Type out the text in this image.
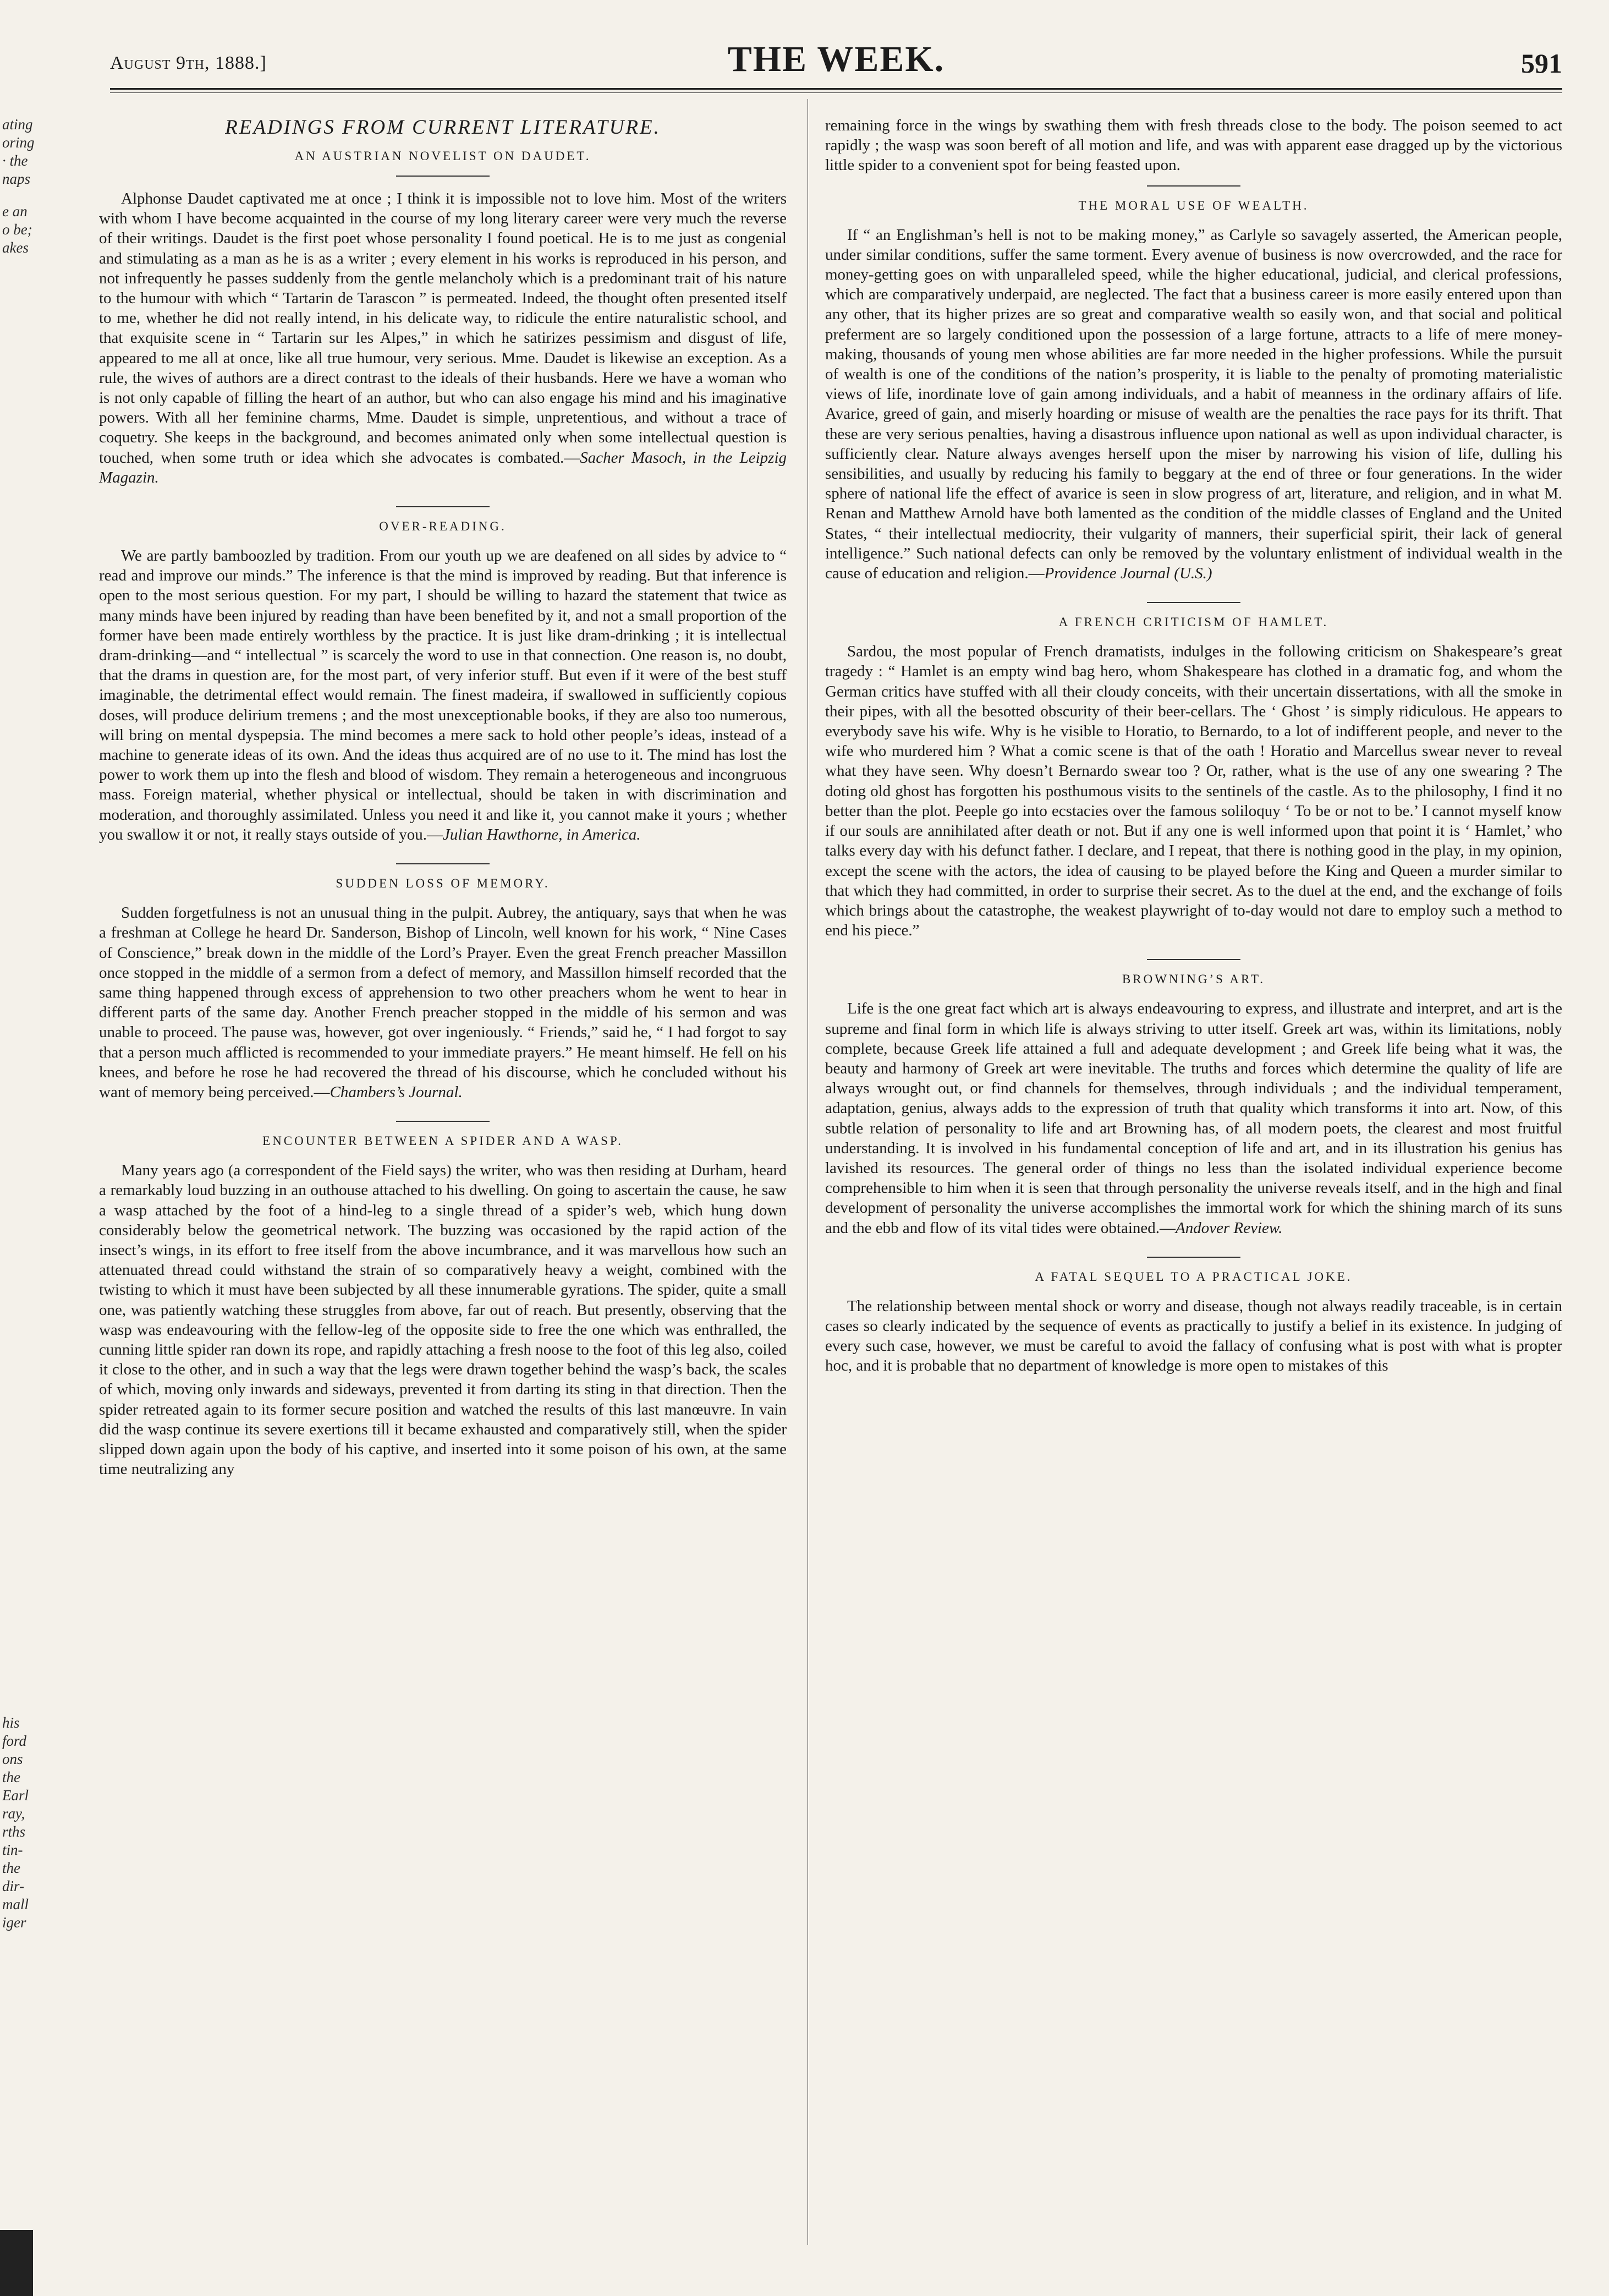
ating
oring
· the
naps
e an
o be;
akes
his
ford
ons
the
Earl
ray,
rths
tin-
the
dir-
mall
iger
August 9th, 1888.]	THE WEEK.	591
READINGS FROM CURRENT LITERATURE.
AN AUSTRIAN NOVELIST ON DAUDET.

Alphonse Daudet captivated me at once ; I think it is impossible not to love him. Most of the writers with whom I have become acquainted in the course of my long literary career were very much the reverse of their writings. Daudet is the first poet whose personality I found poetical. He is to me just as congenial and stimulating as a man as he is as a writer ; every element in his works is reproduced in his person, and not infrequently he passes suddenly from the gentle melancholy which is a predominant trait of his nature to the humour with which “ Tartarin de Tarascon ” is permeated. Indeed, the thought often presented itself to me, whether he did not really intend, in his delicate way, to ridicule the entire naturalistic school, and that exquisite scene in “ Tartarin sur les Alpes,” in which he satirizes pessimism and disgust of life, appeared to me all at once, like all true humour, very serious. Mme. Daudet is likewise an exception. As a rule, the wives of authors are a direct contrast to the ideals of their husbands. Here we have a woman who is not only capable of filling the heart of an author, but who can also engage his mind and his imaginative powers. With all her feminine charms, Mme. Daudet is simple, unpretentious, and without a trace of coquetry. She keeps in the background, and becomes animated only when some intellectual question is touched, when some truth or idea which she advocates is combated.—Sacher Masoch, in the Leipzig Magazin.

OVER-READING.

We are partly bamboozled by tradition. From our youth up we are deafened on all sides by advice to “ read and improve our minds.” The inference is that the mind is improved by reading. But that inference is open to the most serious question. For my part, I should be willing to hazard the statement that twice as many minds have been injured by reading than have been benefited by it, and not a small proportion of the former have been made entirely worthless by the practice. It is just like dram-drinking ; it is intellectual dram-drinking—and “ intellectual ” is scarcely the word to use in that connection. One reason is, no doubt, that the drams in question are, for the most part, of very inferior stuff. But even if it were of the best stuff imaginable, the detrimental effect would remain. The finest madeira, if swallowed in sufficiently copious doses, will produce delirium tremens ; and the most unexceptionable books, if they are also too numerous, will bring on mental dyspepsia. The mind becomes a mere sack to hold other people’s ideas, instead of a machine to generate ideas of its own. And the ideas thus acquired are of no use to it. The mind has lost the power to work them up into the flesh and blood of wisdom. They remain a heterogeneous and incongruous mass. Foreign material, whether physical or intellectual, should be taken in with discrimination and moderation, and thoroughly assimilated. Unless you need it and like it, you cannot make it yours ; whether you swallow it or not, it really stays outside of you.—Julian Hawthorne, in America.

SUDDEN LOSS OF MEMORY.

Sudden forgetfulness is not an unusual thing in the pulpit. Aubrey, the antiquary, says that when he was a freshman at College he heard Dr. Sanderson, Bishop of Lincoln, well known for his work, “ Nine Cases of Conscience,” break down in the middle of the Lord’s Prayer. Even the great French preacher Massillon once stopped in the middle of a sermon from a defect of memory, and Massillon himself recorded that the same thing happened through excess of apprehension to two other preachers whom he went to hear in different parts of the same day. Another French preacher stopped in the middle of his sermon and was unable to proceed. The pause was, however, got over ingeniously. “ Friends,” said he, “ I had forgot to say that a person much afflicted is recommended to your immediate prayers.” He meant himself. He fell on his knees, and before he rose he had recovered the thread of his discourse, which he concluded without his want of memory being perceived.—Chambers’s Journal.

ENCOUNTER BETWEEN A SPIDER AND A WASP.

Many years ago (a correspondent of the Field says) the writer, who was then residing at Durham, heard a remarkably loud buzzing in an outhouse attached to his dwelling. On going to ascertain the cause, he saw a wasp attached by the foot of a hind-leg to a single thread of a spider’s web, which hung down considerably below the geometrical network. The buzzing was occasioned by the rapid action of the insect’s wings, in its effort to free itself from the above incumbrance, and it was marvellous how such an attenuated thread could withstand the strain of so comparatively heavy a weight, combined with the twisting to which it must have been subjected by all these innumerable gyrations. The spider, quite a small one, was patiently watching these struggles from above, far out of reach. But presently, observing that the wasp was endeavouring with the fellow-leg of the opposite side to free the one which was enthralled, the cunning little spider ran down its rope, and rapidly attaching a fresh noose to the foot of this leg also, coiled it close to the other, and in such a way that the legs were drawn together behind the wasp’s back, the scales of which, moving only inwards and sideways, prevented it from darting its sting in that direction. Then the spider retreated again to its former secure position and watched the results of this last manœuvre. In vain did the wasp continue its severe exertions till it became exhausted and comparatively still, when the spider slipped down again upon the body of his captive, and inserted into it some poison of his own, at the same time neutralizing any

remaining force in the wings by swathing them with fresh threads close to the body. The poison seemed to act rapidly ; the wasp was soon bereft of all motion and life, and was with apparent ease dragged up by the victorious little spider to a convenient spot for being feasted upon.

THE MORAL USE OF WEALTH.

If “ an Englishman’s hell is not to be making money,” as Carlyle so savagely asserted, the American people, under similar conditions, suffer the same torment. Every avenue of business is now overcrowded, and the race for money-getting goes on with unparalleled speed, while the higher educational, judicial, and clerical professions, which are comparatively underpaid, are neglected. The fact that a business career is more easily entered upon than any other, that its higher prizes are so great and comparative wealth so easily won, and that social and political preferment are so largely conditioned upon the possession of a large fortune, attracts to a life of mere money-making, thousands of young men whose abilities are far more needed in the higher professions. While the pursuit of wealth is one of the conditions of the nation’s prosperity, it is liable to the penalty of promoting materialistic views of life, inordinate love of gain among individuals, and a habit of meanness in the ordinary affairs of life. Avarice, greed of gain, and miserly hoarding or misuse of wealth are the penalties the race pays for its thrift. That these are very serious penalties, having a disastrous influence upon national as well as upon individual character, is sufficiently clear. Nature always avenges herself upon the miser by narrowing his vision of life, dulling his sensibilities, and usually by reducing his family to beggary at the end of three or four generations. In the wider sphere of national life the effect of avarice is seen in slow progress of art, literature, and religion, and in what M. Renan and Matthew Arnold have both lamented as the condition of the middle classes of England and the United States, “ their intellectual mediocrity, their vulgarity of manners, their superficial spirit, their lack of general intelligence.” Such national defects can only be removed by the voluntary enlistment of individual wealth in the cause of education and religion.—Providence Journal (U.S.)

A FRENCH CRITICISM OF HAMLET.

Sardou, the most popular of French dramatists, indulges in the following criticism on Shakespeare’s great tragedy : “ Hamlet is an empty wind bag hero, whom Shakespeare has clothed in a dramatic fog, and whom the German critics have stuffed with all their cloudy conceits, with their uncertain dissertations, with all the smoke in their pipes, with all the besotted obscurity of their beer-cellars. The ‘ Ghost ’ is simply ridiculous. He appears to everybody save his wife. Why is he visible to Horatio, to Bernardo, to a lot of indifferent people, and never to the wife who murdered him ? What a comic scene is that of the oath ! Horatio and Marcellus swear never to reveal what they have seen. Why doesn’t Bernardo swear too ? Or, rather, what is the use of any one swearing ? The doting old ghost has forgotten his posthumous visits to the sentinels of the castle. As to the philosophy, I find it no better than the plot. Peeple go into ecstacies over the famous soliloquy ‘ To be or not to be.’ I cannot myself know if our souls are annihilated after death or not. But if any one is well informed upon that point it is ‘ Hamlet,’ who talks every day with his defunct father. I declare, and I repeat, that there is nothing good in the play, in my opinion, except the scene with the actors, the idea of causing to be played before the King and Queen a murder similar to that which they had committed, in order to surprise their secret. As to the duel at the end, and the exchange of foils which brings about the catastrophe, the weakest playwright of to-day would not dare to employ such a method to end his piece.”

BROWNING’S ART.

Life is the one great fact which art is always endeavouring to express, and illustrate and interpret, and art is the supreme and final form in which life is always striving to utter itself. Greek art was, within its limitations, nobly complete, because Greek life attained a full and adequate development ; and Greek life being what it was, the beauty and harmony of Greek art were inevitable. The truths and forces which determine the quality of life are always wrought out, or find channels for themselves, through individuals ; and the individual temperament, adaptation, genius, always adds to the expression of truth that quality which transforms it into art. Now, of this subtle relation of personality to life and art Browning has, of all modern poets, the clearest and most fruitful understanding. It is involved in his fundamental conception of life and art, and in its illustration his genius has lavished its resources. The general order of things no less than the isolated individual experience become comprehensible to him when it is seen that through personality the universe reveals itself, and in the high and final development of personality the universe accomplishes the immortal work for which the shining march of its suns and the ebb and flow of its vital tides were obtained.—Andover Review.

A FATAL SEQUEL TO A PRACTICAL JOKE.

The relationship between mental shock or worry and disease, though not always readily traceable, is in certain cases so clearly indicated by the sequence of events as practically to justify a belief in its existence. In judging of every such case, however, we must be careful to avoid the fallacy of confusing what is post with what is propter hoc, and it is probable that no department of knowledge is more open to mistakes of this
